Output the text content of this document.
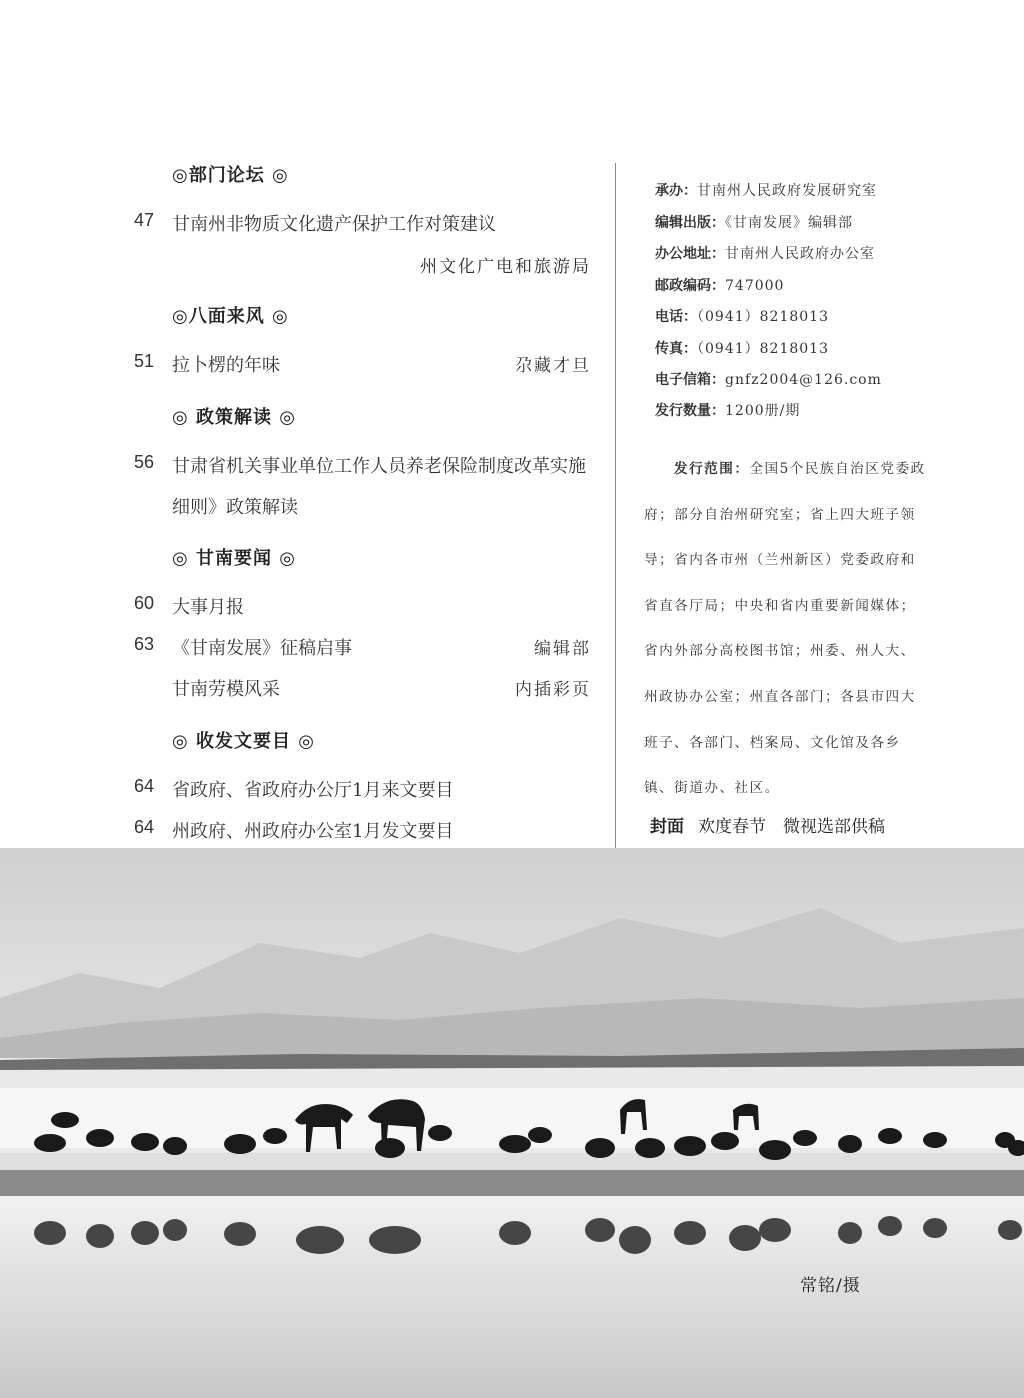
◎部门论坛 ◎
47 甘南州非物质文化遗产保护工作对策建议
州文化广电和旅游局
◎八面来风 ◎
51 拉卜楞的年味	尕藏才旦
◎ 政策解读 ◎
56 甘肃省机关事业单位工作人员养老保险制度改革实施
细则》政策解读
◎ 甘南要闻 ◎
60 大事月报
63 《甘南发展》征稿启事	编辑部
甘南劳模风采	内插彩页
◎ 收发文要目 ◎
64 省政府、省政府办公厅1月来文要目
64 州政府、州政府办公室1月发文要目
承办：甘南州人民政府发展研究室
编辑出版：《甘南发展》编辑部
办公地址：甘南州人民政府办公室
邮政编码：747000
电话：（0941）8218013
传真：（0941）8218013
电子信箱：gnfz2004@126.com
发行数量：1200册/期
发行范围：全国5个民族自治区党委政府；部分自治州研究室；省上四大班子领导；省内各市州（兰州新区）党委政府和省直各厅局；中央和省内重要新闻媒体；省内外部分高校图书馆；州委、州人大、州政协办公室；州直各部门；各县市四大班子、各部门、档案局、文化馆及各乡镇、街道办、社区。
封面 欢度春节　微视选部供稿
常铭/摄
